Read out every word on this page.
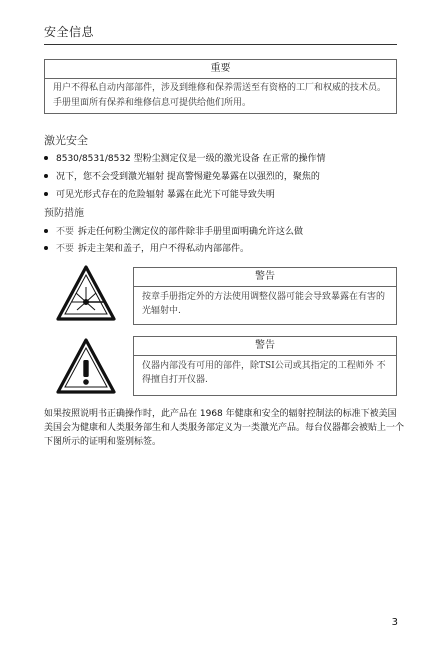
安全信息
重要
用户不得私自动内部部件，涉及到维修和保养需送至有资格的工厂和权威的技术员。手册里面所有保养和维修信息可提供给他们所用。
激光安全
8530/8531/8532 型粉尘测定仪是一级的激光设备 在正常的操作情
况下，您不会受到激光辐射 提高警惕避免暴露在以强烈的，聚焦的
可见光形式存在的危险辐射 暴露在此光下可能导致失明
预防措施
不要 拆走任何粉尘测定仪的部件除非手册里面明确允许这么做
不要 拆走主架和盖子，用户不得私动内部部件。
警告
按章手册指定外的方法使用调整仪器可能会导致暴露在有害的光辐射中.
警告
仪器内部没有可用的部件，除TSI公司或其指定的工程师外 不得擅自打开仪器.
如果按照说明书正确操作时，此产品在 1968 年健康和安全的辐射控制法的标准下被美国美国会为健康和人类服务部生和人类服务部定义为一类激光产品。每台仪器都会被贴上一个下图所示的证明和鉴别标签。
3
